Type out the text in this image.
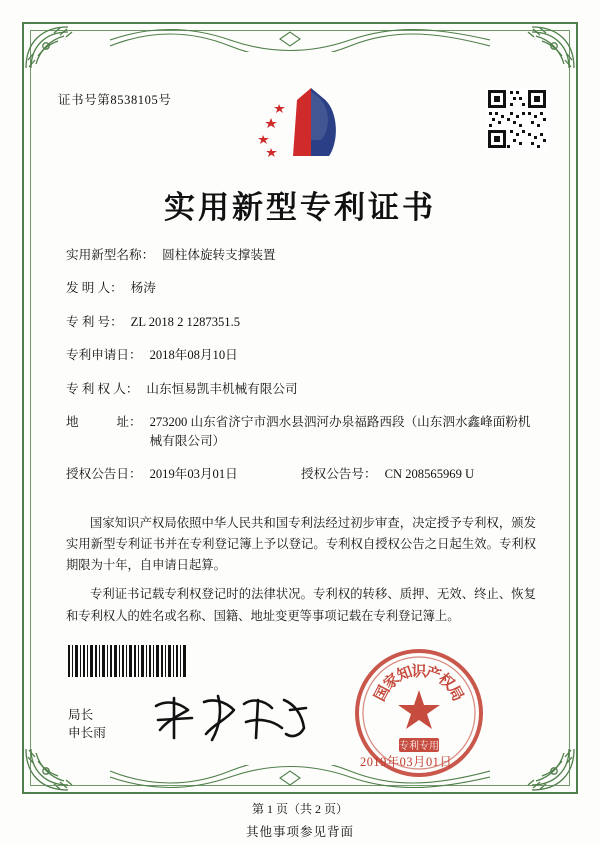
证书号第8538105号
实用新型专利证书
实用新型名称： 圆柱体旋转支撑装置
发 明 人： 杨涛
专 利 号： ZL 2018 2 1287351.5
专利申请日： 2018年08月10日
专 利 权 人： 山东恒易凯丰机械有限公司
地　　　址： 273200 山东省济宁市泗水县泗河办泉福路西段（山东泗水鑫峰面粉机械有限公司）
授权公告日： 2019年03月01日	授权公告号： CN 208565969 U

国家知识产权局依照中华人民共和国专利法经过初步审查，决定授予专利权，颁发实用新型专利证书并在专利登记簿上予以登记。专利权自授权公告之日起生效。专利权期限为十年，自申请日起算。

专利证书记载专利权登记时的法律状况。专利权的转移、质押、无效、终止、恢复和专利权人的姓名或名称、国籍、地址变更等事项记载在专利登记簿上。

局长
申长雨
国
家
知
识
产
权
局
专利专用
2019年03月01日
第 1 页（共 2 页）
其他事项参见背面
